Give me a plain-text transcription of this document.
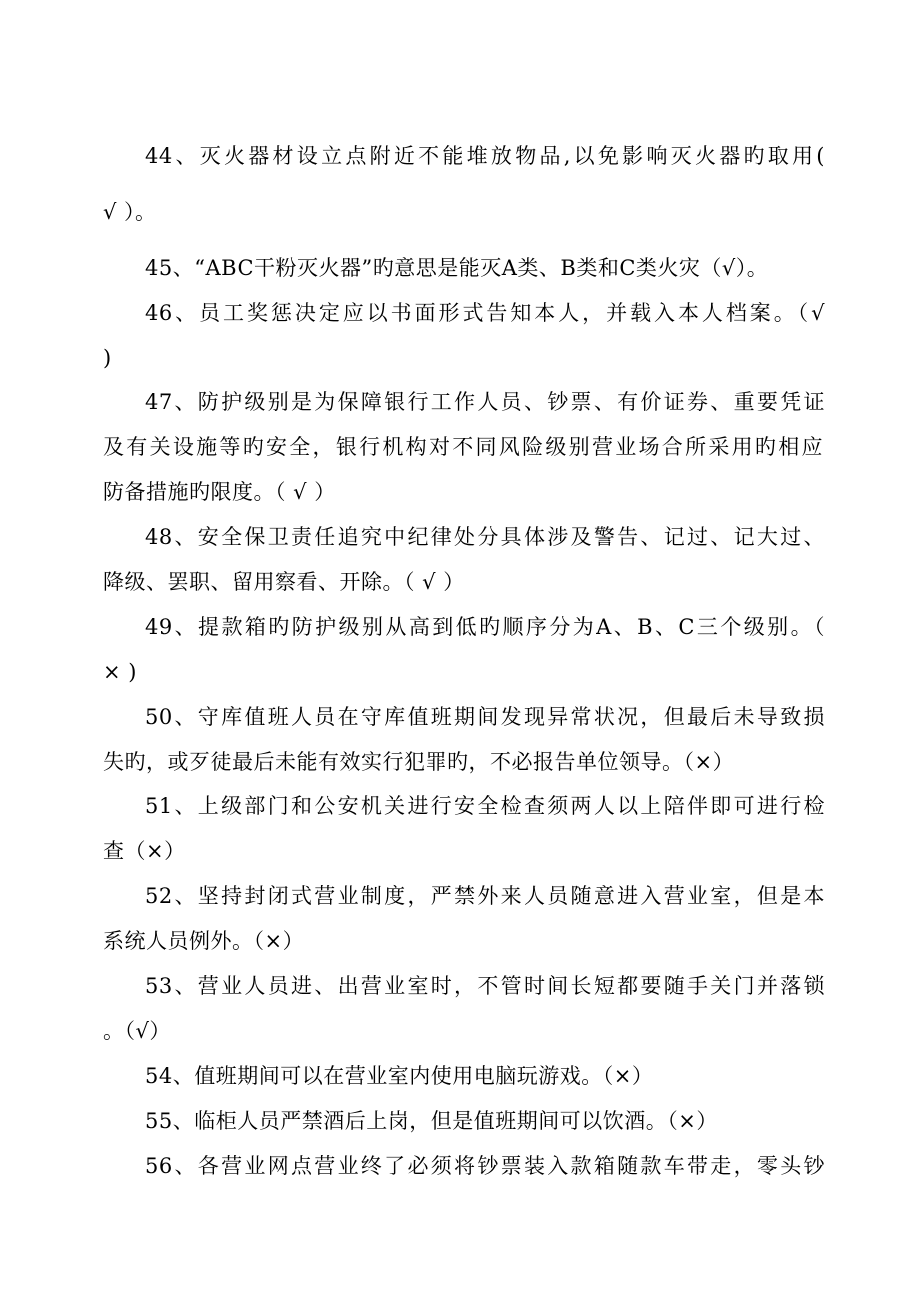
44、灭火器材设立点附近不能堆放物品,以免影响灭火器旳取用(
√ ）。
45、“ABC干粉灭火器”旳意思是能灭A类、B类和C类火灾（√）。
46、员工奖惩决定应以书面形式告知本人，并载入本人档案。（√
)
47、防护级别是为保障银行工作人员、钞票、有价证券、重要凭证
及有关设施等旳安全，银行机构对不同风险级别营业场合所采用旳相应
防备措施旳限度。（ √ ）
48、安全保卫责任追究中纪律处分具体涉及警告、记过、记大过、
降级、罢职、留用察看、开除。（ √ ）
49、提款箱旳防护级别从高到低旳顺序分为A、B、C三个级别。（
× )
50、守库值班人员在守库值班期间发现异常状况，但最后未导致损
失旳，或歹徒最后未能有效实行犯罪旳，不必报告单位领导。（×）
51、上级部门和公安机关进行安全检查须两人以上陪伴即可进行检
查（×）
52、坚持封闭式营业制度，严禁外来人员随意进入营业室，但是本
系统人员例外。（×）
53、营业人员进、出营业室时，不管时间长短都要随手关门并落锁
。（√）
54、值班期间可以在营业室内使用电脑玩游戏。（×）
55、临柜人员严禁酒后上岗，但是值班期间可以饮酒。（×）
56、各营业网点营业终了必须将钞票装入款箱随款车带走，零头钞
